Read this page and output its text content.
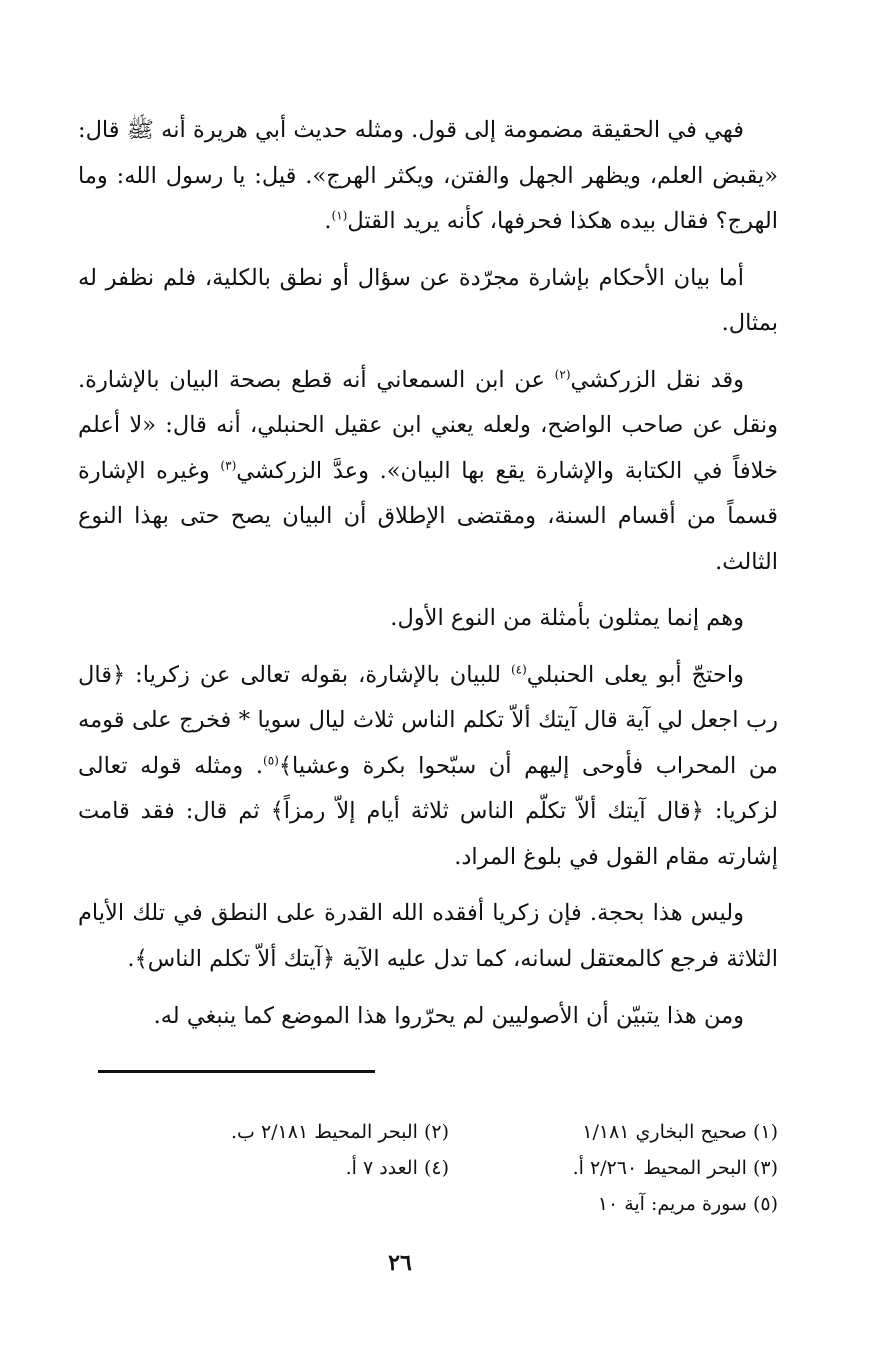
فهي في الحقيقة مضمومة إلى قول. ومثله حديث أبي هريرة أنه ﷺ قال: «يقبض العلم، ويظهر الجهل والفتن، ويكثر الهرج». قيل: يا رسول الله: وما الهرج؟ فقال بيده هكذا فحرفها، كأنه يريد القتل$^{(١)}$.

أما بيان الأحكام بإشارة مجرّدة عن سؤال أو نطق بالكلية، فلم نظفر له بمثال.

وقد نقل الزركشي$^{(٢)}$ عن ابن السمعاني أنه قطع بصحة البيان بالإشارة. ونقل عن صاحب الواضح، ولعله يعني ابن عقيل الحنبلي، أنه قال: «لا أعلم خلافاً في الكتابة والإشارة يقع بها البيان». وعدَّ الزركشي$^{(٣)}$ وغيره الإشارة قسماً من أقسام السنة، ومقتضى الإطلاق أن البيان يصح حتى بهذا النوع الثالث.

وهم إنما يمثلون بأمثلة من النوع الأول.

واحتجّ أبو يعلى الحنبلي$^{(٤)}$ للبيان بالإشارة، بقوله تعالى عن زكريا: ﴿قال رب اجعل لي آية قال آيتك ألاّ تكلم الناس ثلاث ليال سويا * فخرج على قومه من المحراب فأوحى إليهم أن سبّحوا بكرة وعشيا﴾$^{(٥)}$. ومثله قوله تعالى لزكريا: ﴿قال آيتك ألاّ تكلّم الناس ثلاثة أيام إلاّ رمزاً﴾ ثم قال: فقد قامت إشارته مقام القول في بلوغ المراد.

وليس هذا بحجة. فإن زكريا أفقده الله القدرة على النطق في تلك الأيام الثلاثة فرجع كالمعتقل لسانه، كما تدل عليه الآية ﴿آيتك ألاّ تكلم الناس﴾.

ومن هذا يتبيّن أن الأصوليين لم يحرّروا هذا الموضع كما ينبغي له.

(١) صحيح البخاري ١/١٨١
(٢) البحر المحيط ٢/١٨١ ب.
(٣) البحر المحيط ٢/٢٦٠ أ.
(٤) العدد ٧ أ.
(٥) سورة مريم: آية ١٠
٢٦
